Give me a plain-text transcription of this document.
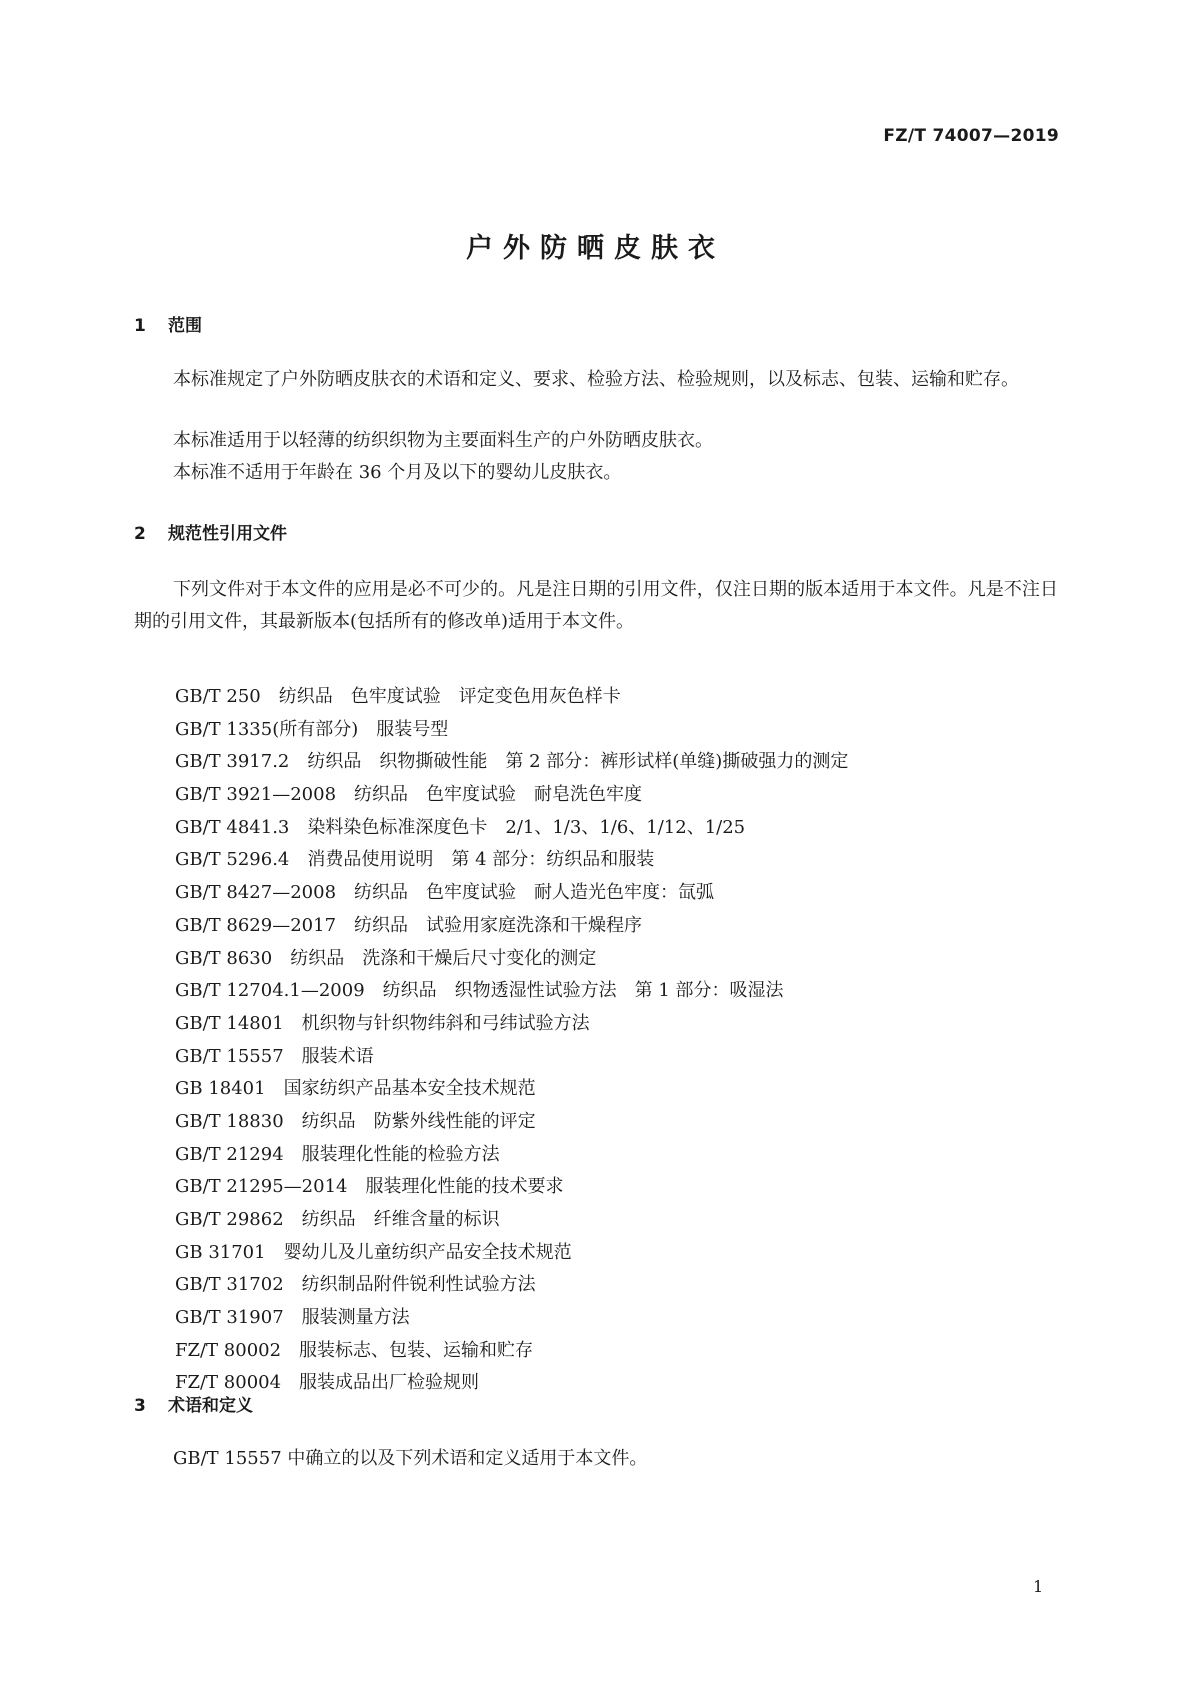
FZ/T 74007—2019
户外防晒皮肤衣
1 范围

本标准规定了户外防晒皮肤衣的术语和定义、要求、检验方法、检验规则，以及标志、包装、运输和贮存。

本标准适用于以轻薄的纺织织物为主要面料生产的户外防晒皮肤衣。

本标准不适用于年龄在 36 个月及以下的婴幼儿皮肤衣。

2 规范性引用文件

下列文件对于本文件的应用是必不可少的。凡是注日期的引用文件，仅注日期的版本适用于本文件。凡是不注日期的引用文件，其最新版本(包括所有的修改单)适用于本文件。

GB/T 250　纺织品　色牢度试验　评定变色用灰色样卡
GB/T 1335(所有部分)　服装号型
GB/T 3917.2　纺织品　织物撕破性能　第 2 部分：裤形试样(单缝)撕破强力的测定
GB/T 3921—2008　纺织品　色牢度试验　耐皂洗色牢度
GB/T 4841.3　染料染色标准深度色卡　2/1、1/3、1/6、1/12、1/25
GB/T 5296.4　消费品使用说明　第 4 部分：纺织品和服装
GB/T 8427—2008　纺织品　色牢度试验　耐人造光色牢度：氙弧
GB/T 8629—2017　纺织品　试验用家庭洗涤和干燥程序
GB/T 8630　纺织品　洗涤和干燥后尺寸变化的测定
GB/T 12704.1—2009　纺织品　织物透湿性试验方法　第 1 部分：吸湿法
GB/T 14801　机织物与针织物纬斜和弓纬试验方法
GB/T 15557　服装术语
GB 18401　国家纺织产品基本安全技术规范
GB/T 18830　纺织品　防紫外线性能的评定
GB/T 21294　服装理化性能的检验方法
GB/T 21295—2014　服装理化性能的技术要求
GB/T 29862　纺织品　纤维含量的标识
GB 31701　婴幼儿及儿童纺织产品安全技术规范
GB/T 31702　纺织制品附件锐利性试验方法
GB/T 31907　服装测量方法
FZ/T 80002　服装标志、包装、运输和贮存
FZ/T 80004　服装成品出厂检验规则
3 术语和定义

GB/T 15557 中确立的以及下列术语和定义适用于本文件。

1
